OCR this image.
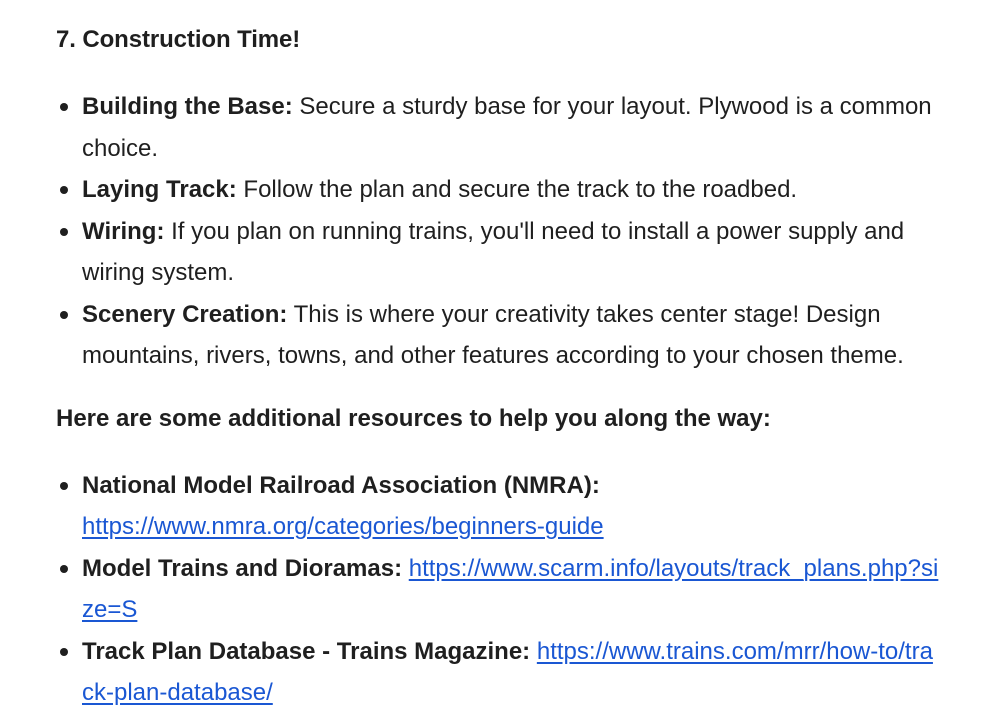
7. Construction Time!
Building the Base: Secure a sturdy base for your layout. Plywood is a common choice.
Laying Track: Follow the plan and secure the track to the roadbed.
Wiring: If you plan on running trains, you'll need to install a power supply and wiring system.
Scenery Creation: This is where your creativity takes center stage! Design mountains, rivers, towns, and other features according to your chosen theme.

Here are some additional resources to help you along the way:

National Model Railroad Association (NMRA):
https://www.nmra.org/categories/beginners-guide
Model Trains and Dioramas: https://www.scarm.info/layouts/track_plans.php?size=S
Track Plan Database - Trains Magazine: https://www.trains.com/mrr/how-to/track-plan-database/
